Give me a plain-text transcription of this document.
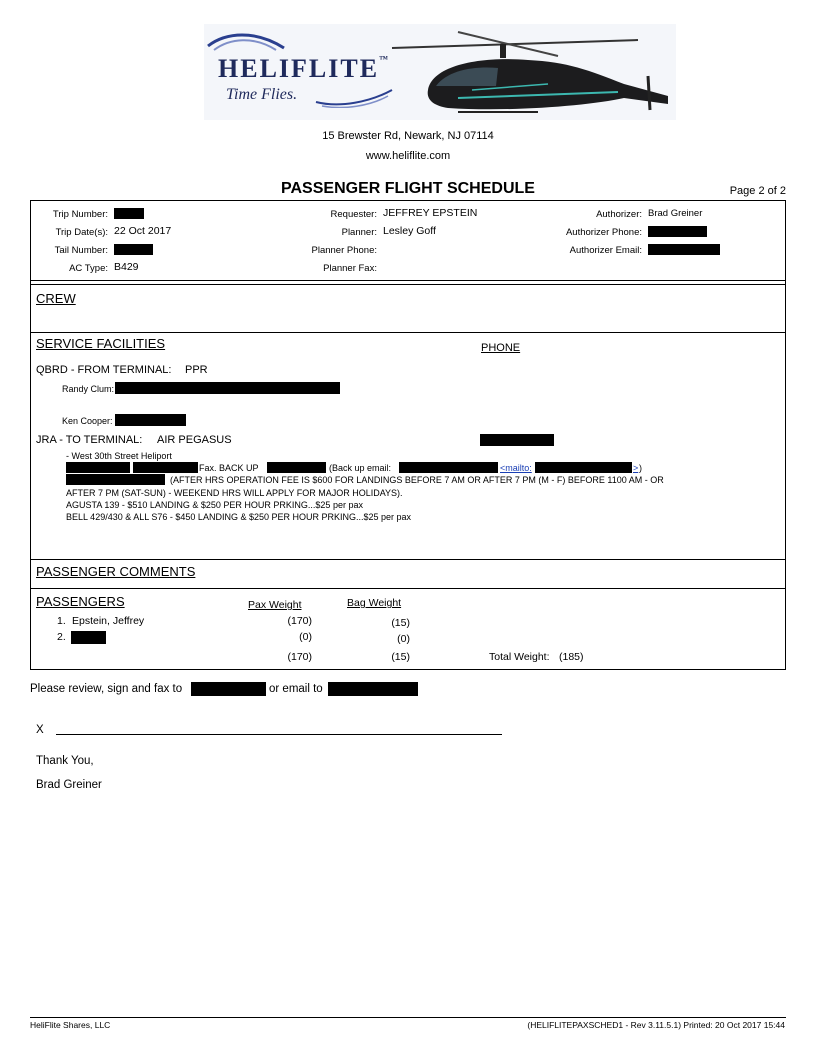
HELIFLITE™
Time Flies.
15 Brewster Rd, Newark, NJ 07114
www.heliflite.com
PASSENGER FLIGHT SCHEDULE	Page 2 of 2
Trip Number:
Trip Date(s): 22 Oct 2017
Tail Number:
AC Type: B429
Requester: JEFFREY EPSTEIN
Planner: Lesley Goff
Planner Phone:
Planner Fax:
Authorizer: Brad Greiner
Authorizer Phone:
Authorizer Email:
CREW
SERVICE FACILITIES	PHONE
QBRD - FROM TERMINAL: PPR
Randy Clum:
Ken Cooper:
JRA - TO TERMINAL: AIR PEGASUS
- West 30th Street Heliport
Fax. BACK UP	(Back up email:	<mailto:	> )
(AFTER HRS OPERATION FEE IS $600 FOR LANDINGS BEFORE 7 AM OR AFTER 7 PM (M - F) BEFORE 1100 AM - OR
AFTER 7 PM (SAT-SUN) - WEEKEND HRS WILL APPLY FOR MAJOR HOLIDAYS).
AGUSTA 139 - $510 LANDING & $250 PER HOUR PRKING...$25 per pax
BELL 429/430 & ALL S76 - $450 LANDING & $250 PER HOUR PRKING...$25 per pax
PASSENGER COMMENTS
PASSENGERS	Pax Weight	Bag Weight
1. Epstein, Jeffrey	(170)	(15)
2.	(0)	(0)
(170)	(15)	Total Weight: (185)
Please review, sign and fax to	or email to
X
Thank You,
Brad Greiner
HeliFlite Shares, LLC	(HELIFLITEPAXSCHED1 - Rev 3.11.5.1) Printed: 20 Oct 2017 15:44
